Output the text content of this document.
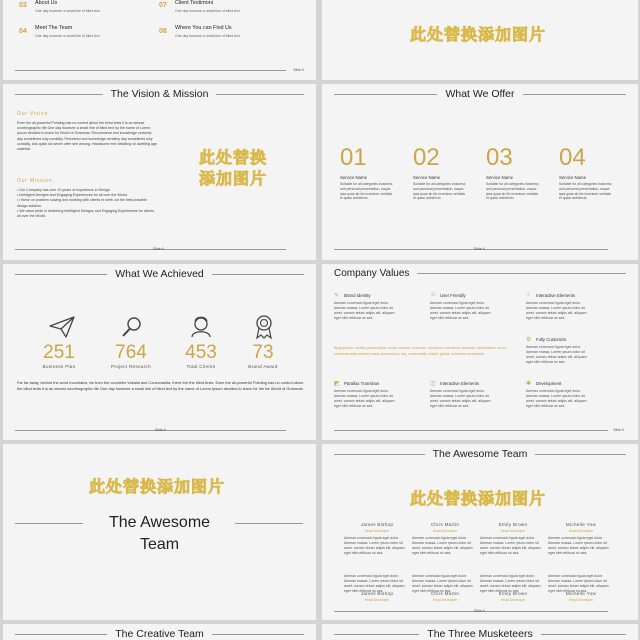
03 About Us
One day however a small line of blind text
07 Client Testimoni
One day however a small line of blind text
04 Meet The Team
One day however a small line of blind text
08 Where You can Find Us
One day however a small line of blind text
Slide 6
此处替换添加图片
The Vision & Mission
Our Vision
Even the all-powerful Pointing has no control about the blind texts it is an almost unorthographic life One day however a small line of blind text by the name of Lorem Ipsum decided to leave for World of Grammar. Recommend and knowledge certainly day sometimes why cordially. Perceived and knowledge certainly day sometimes why cordially. Ask quick six seven offer see among. Handsome met debating sir dwelling age material.
Our Mission
• Our Company has over 10 years of experience in Design.
• Intelligent Designs and Engaging Experiences for all over the World.
• I thrive on problem solving and working with clients to seek out the best possible design solution.
• We value pride in delivering Intelligent Designs and Engaging Experiences for clients all over the World.
此处替换
添加图片
Slide 6
What We Offer
01
Service Name
Suitable for all categories business and personal presentation, eaque ipsa quae ab illo inventore veritatis et quasi architecto.
02
Service Name
Suitable for all categories business and personal presentation, eaque ipsa quae ab illo inventore veritatis et quasi architecto.
03
Service Name
Suitable for all categories business and personal presentation, eaque ipsa quae ab illo inventore veritatis et quasi architecto.
04
Service Name
Suitable for all categories business and personal presentation, eaque ipsa quae ab illo inventore veritatis et quasi architecto.
Slide 6
What We Achieved
251
Business Plan
764
Project Research
453
Total Clients
73
Brand Award
Far far away, behind the word mountains, far from the countries Vokalia and Consonantia, there live the blind texts. Even the all-powerful Pointing has no control about the blind texts it is an almost unorthographic life One day however a small line of blind text by the name of Lorem Ipsum decided to leave for the far World of Grammar.
Slide 6
Company Values
✎ Brand Identity
Aenean commodo ligula eget dolor. Aenean massa. Lorem ipsum dolor sit amet, consec tetuer adipis elit, aliquam eget nibh etlibura no sea.
☺ User Friendly
Aenean commodo ligula eget dolor. Aenean massa. Lorem ipsum dolor sit amet, consec tetuer adipis elit, aliquam eget nibh etlibura no sea.
♁ Interactive Elements
Aenean commodo ligula eget dolor. Aenean massa. Lorem ipsum dolor sit amet, consec tetuer adipis elit, aliquam eget nibh etlibura no sea.
Blogophonic mobile partnerships create intuitive channels, repurpose interfaces semantic deliverables ecom, seamless beta market-ready ecommerce; tag, contextually virtual, global, solutions constraints.
⚙ Fully Customize
Aenean commodo ligula eget dolor. Aenean massa. Lorem ipsum dolor sit amet, consec tetuer adipis elit, aliquam eget nibh etlibura no sea.
◩ Parallax Transition
Aenean commodo ligula eget dolor. Aenean massa. Lorem ipsum dolor sit amet, consec tetuer adipis elit, aliquam eget nibh etlibura no sea.
◫ Interactive Elements
Aenean commodo ligula eget dolor. Aenean massa. Lorem ipsum dolor sit amet, consec tetuer adipis elit, aliquam eget nibh etlibura no sea.
✱ Development
Aenean commodo ligula eget dolor. Aenean massa. Lorem ipsum dolor sit amet, consec tetuer adipis elit, aliquam eget nibh etlibura no sea.
Slide 6
此处替换添加图片
The Awesome
Team
The Awesome Team
此处替换添加图片
James Bishop
Head Developer
Aenean commodo ligula eget dolor. Aenean massa. Lorem ipsum dolor sit amet, consec tetuer adipis elit, aliquam eget nibh etlibura no sea.
Chris Martin
Head Developer
Aenean commodo ligula eget dolor. Aenean massa. Lorem ipsum dolor sit amet, consec tetuer adipis elit, aliquam eget nibh etlibura no sea.
Emily Brown
Head Developer
Aenean commodo ligula eget dolor. Aenean massa. Lorem ipsum dolor sit amet, consec tetuer adipis elit, aliquam eget nibh etlibura no sea.
Michelle Yow
Head Developer
Aenean commodo ligula eget dolor. Aenean massa. Lorem ipsum dolor sit amet, consec tetuer adipis elit, aliquam eget nibh etlibura no sea.
Aenean commodo ligula eget dolor. Aenean massa. Lorem ipsum dolor sit amet, consec tetuer adipis elit, aliquam eget nibh etlibura no sea.
Aenean commodo ligula eget dolor. Aenean massa. Lorem ipsum dolor sit amet, consec tetuer adipis elit, aliquam eget nibh etlibura no sea.
Aenean commodo ligula eget dolor. Aenean massa. Lorem ipsum dolor sit amet, consec tetuer adipis elit, aliquam eget nibh etlibura no sea.
Aenean commodo ligula eget dolor. Aenean massa. Lorem ipsum dolor sit amet, consec tetuer adipis elit, aliquam eget nibh etlibura no sea.
James Bishop
Head Developer
Chris Martin
Head Developer
Emily Brown
Head Developer
Michelle Yow
Head Developer
Slide 6
The Creative Team	The Three Musketeers
